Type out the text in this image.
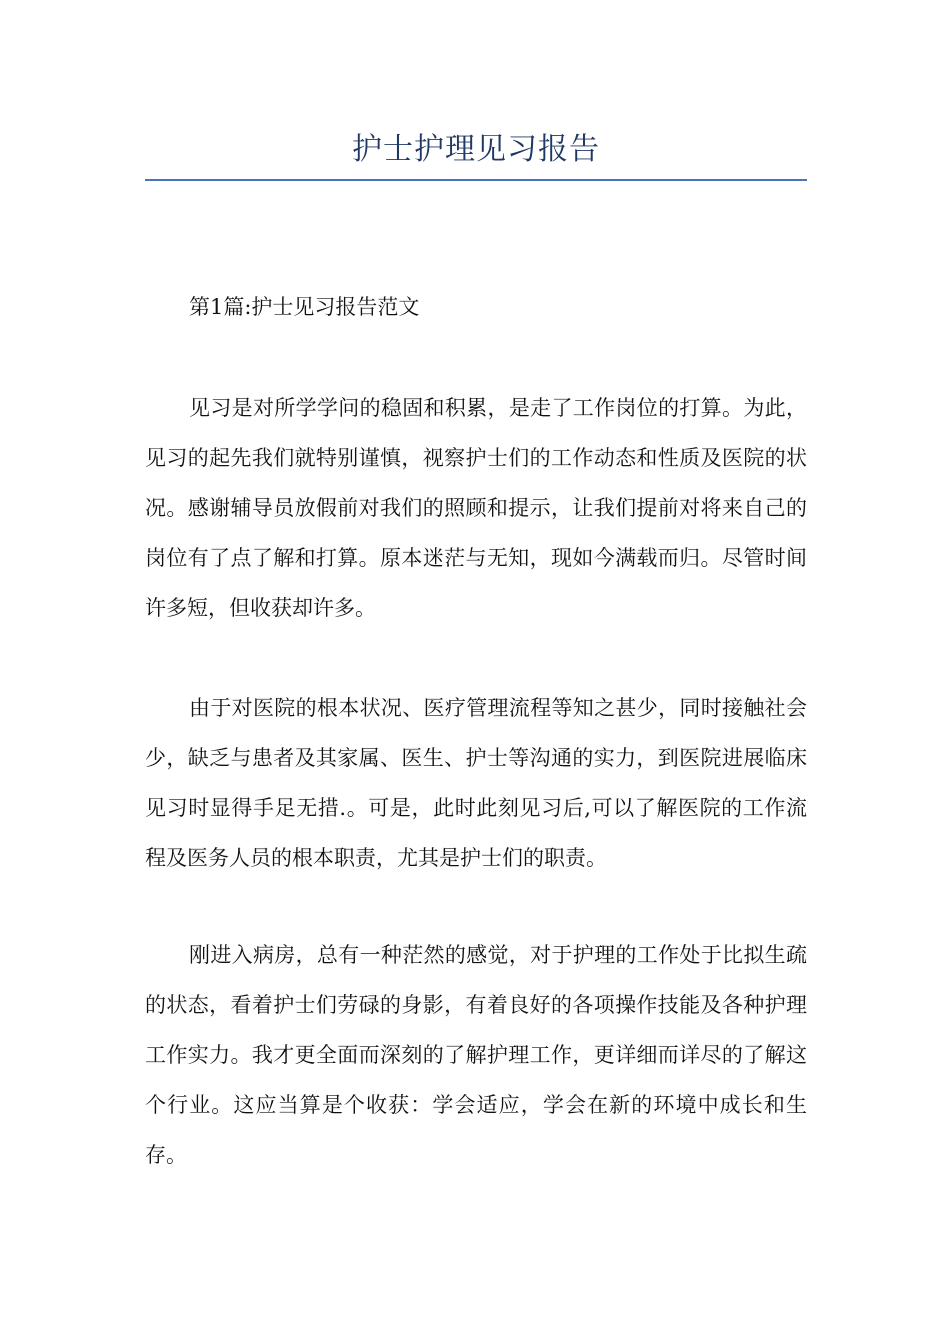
护士护理见习报告

第1篇:护士见习报告范文

见习是对所学学问的稳固和积累，是走了工作岗位的打算。为此，见习的起先我们就特别谨慎，视察护士们的工作动态和性质及医院的状况。感谢辅导员放假前对我们的照顾和提示，让我们提前对将来自己的岗位有了点了解和打算。原本迷茫与无知，现如今满载而归。尽管时间许多短，但收获却许多。

由于对医院的根本状况、医疗管理流程等知之甚少，同时接触社会少，缺乏与患者及其家属、医生、护士等沟通的实力，到医院进展临床见习时显得手足无措.。可是，此时此刻见习后,可以了解医院的工作流程及医务人员的根本职责，尤其是护士们的职责。

刚进入病房，总有一种茫然的感觉，对于护理的工作处于比拟生疏的状态，看着护士们劳碌的身影，有着良好的各项操作技能及各种护理工作实力。我才更全面而深刻的了解护理工作，更详细而详尽的了解这个行业。这应当算是个收获：学会适应，学会在新的环境中成长和生存。
